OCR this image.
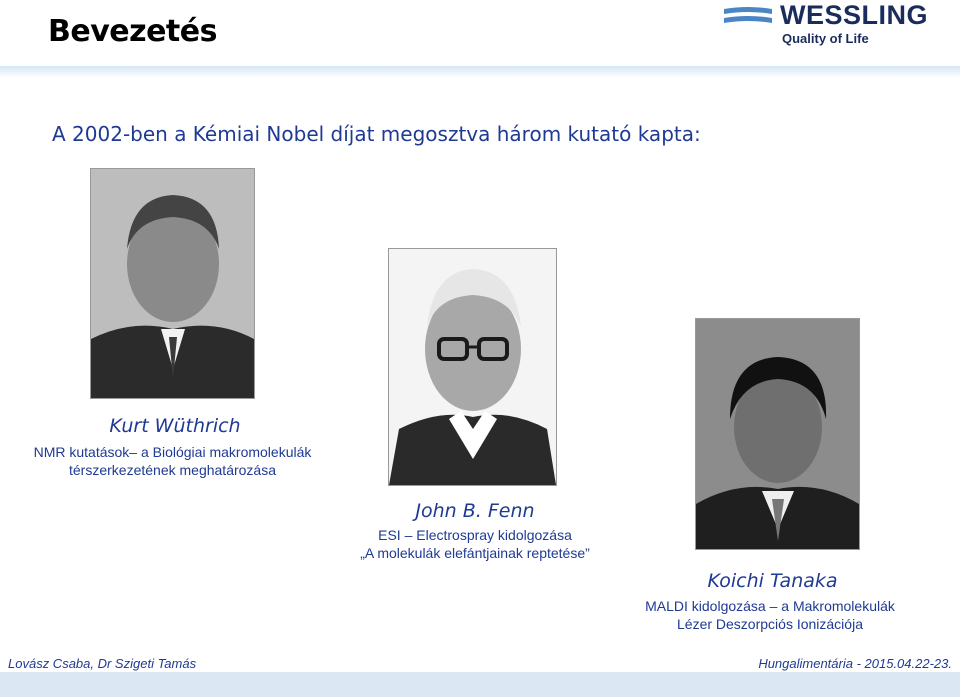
Bevezetés	WESSLING
Quality of Life
A 2002-ben a Kémiai Nobel díjat megosztva három kutató kapta:
Kurt Wüthrich
NMR kutatások– a Biológiai makromolekulák
térszerkezetének meghatározása
John B. Fenn
ESI – Electrospray kidolgozása
„A molekulák elefántjainak reptetése”
Koichi Tanaka
MALDI kidolgozása – a Makromolekulák
Lézer Deszorpciós Ionizációja
Lovász Csaba, Dr Szigeti Tamás	Hungalimentária - 2015.04.22-23.
